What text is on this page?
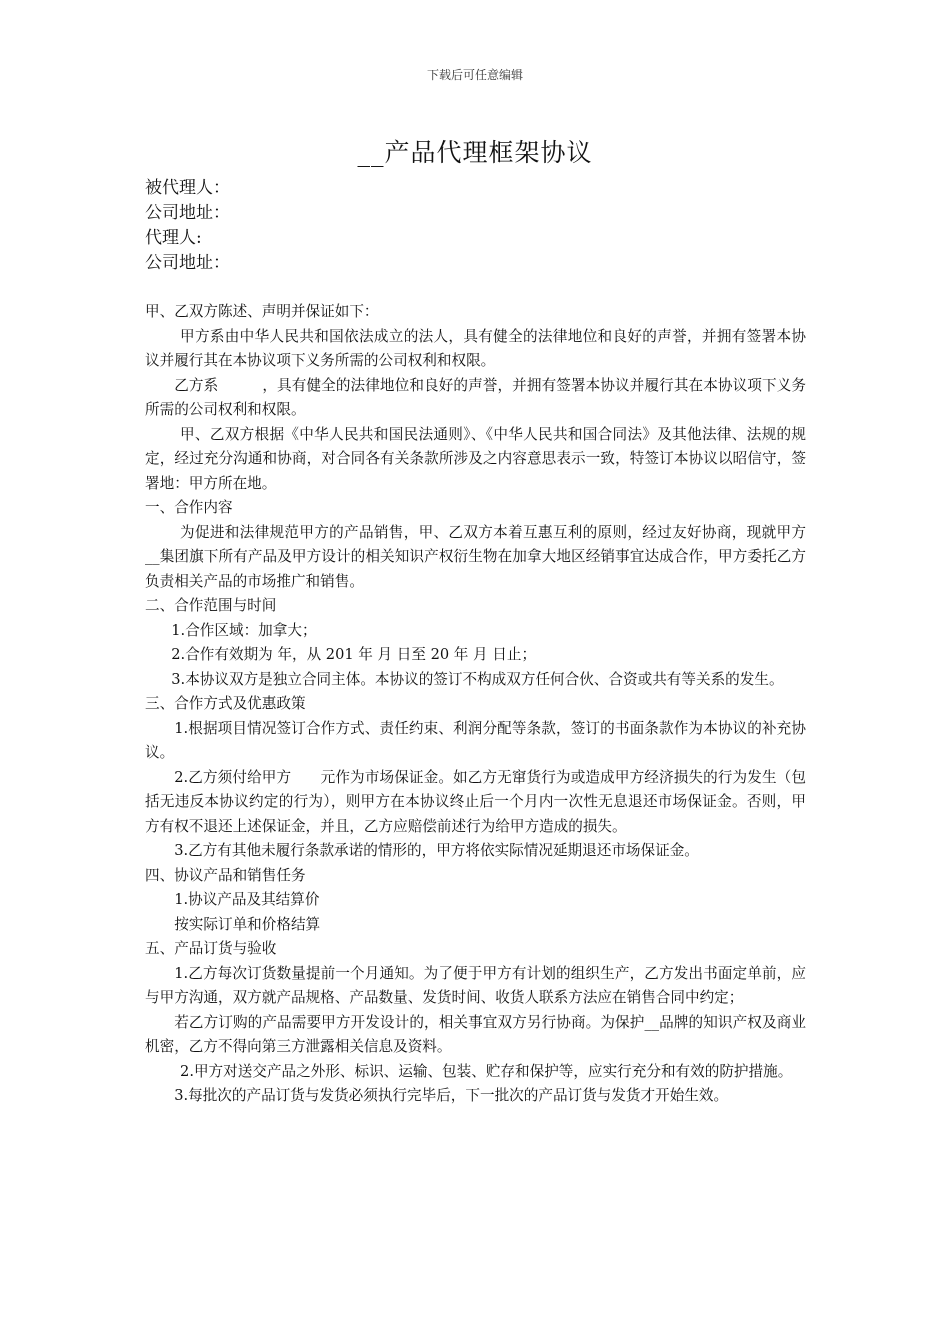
下载后可任意编辑
__产品代理框架协议
被代理人：
公司地址：
代理人:
公司地址：

甲、乙双方陈述、声明并保证如下：

甲方系由中华人民共和国依法成立的法人，具有健全的法律地位和良好的声誉，并拥有签署本协议并履行其在本协议项下义务所需的公司权利和权限。

乙方系　　　，具有健全的法律地位和良好的声誉，并拥有签署本协议并履行其在本协议项下义务所需的公司权利和权限。

甲、乙双方根据《中华人民共和国民法通则》、《中华人民共和国合同法》及其他法律、法规的规定，经过充分沟通和协商，对合同各有关条款所涉及之内容意思表示一致，特签订本协议以昭信守，签署地：甲方所在地。

一、合作内容

为促进和法律规范甲方的产品销售，甲、乙双方本着互惠互利的原则，经过友好协商，现就甲方__集团旗下所有产品及甲方设计的相关知识产权衍生物在加拿大地区经销事宜达成合作，甲方委托乙方负责相关产品的市场推广和销售。

二、合作范围与时间

1.合作区域：加拿大；

2.合作有效期为 年，从 201 年 月 日至 20 年 月 日止；

3.本协议双方是独立合同主体。本协议的签订不构成双方任何合伙、合资或共有等关系的发生。

三、合作方式及优惠政策

1.根据项目情况签订合作方式、责任约束、利润分配等条款，签订的书面条款作为本协议的补充协议。

2.乙方须付给甲方　　元作为市场保证金。如乙方无窜货行为或造成甲方经济损失的行为发生（包括无违反本协议约定的行为），则甲方在本协议终止后一个月内一次性无息退还市场保证金。否则，甲方有权不退还上述保证金，并且，乙方应赔偿前述行为给甲方造成的损失。

3.乙方有其他未履行条款承诺的情形的，甲方将依实际情况延期退还市场保证金。

四、协议产品和销售任务

1.协议产品及其结算价

按实际订单和价格结算

五、产品订货与验收

1.乙方每次订货数量提前一个月通知。为了便于甲方有计划的组织生产，乙方发出书面定单前，应与甲方沟通，双方就产品规格、产品数量、发货时间、收货人联系方法应在销售合同中约定；

若乙方订购的产品需要甲方开发设计的，相关事宜双方另行协商。为保护__品牌的知识产权及商业机密，乙方不得向第三方泄露相关信息及资料。

2.甲方对送交产品之外形、标识、运输、包装、贮存和保护等，应实行充分和有效的防护措施。

3.每批次的产品订货与发货必须执行完毕后，下一批次的产品订货与发货才开始生效。
